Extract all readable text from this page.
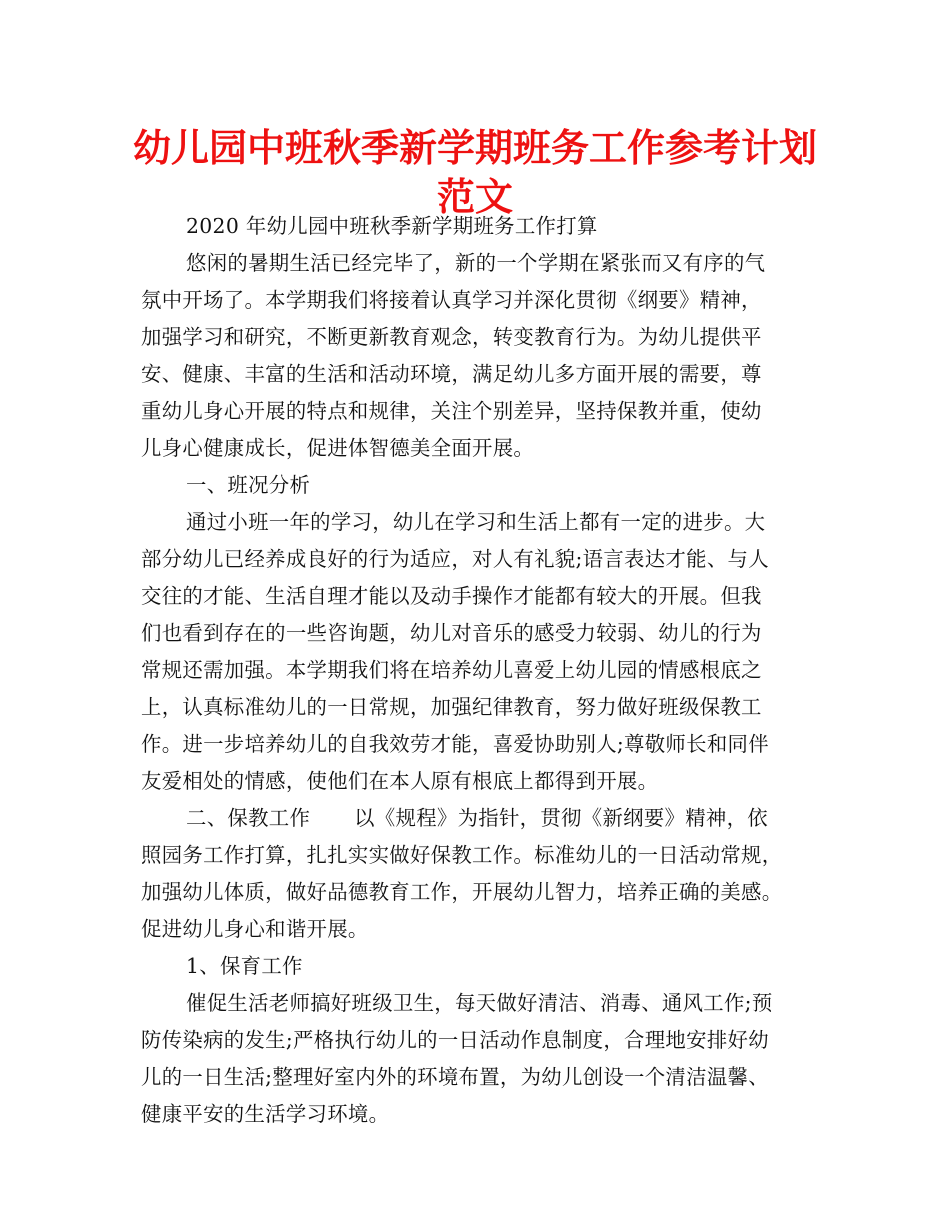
幼儿园中班秋季新学期班务工作参考计划
范文

2020 年幼儿园中班秋季新学期班务工作打算

悠闲的暑期生活已经完毕了，新的一个学期在紧张而又有序的气

氛中开场了。本学期我们将接着认真学习并深化贯彻《纲要》精神，

加强学习和研究，不断更新教育观念，转变教育行为。为幼儿提供平

安、健康、丰富的生活和活动环境，满足幼儿多方面开展的需要，尊

重幼儿身心开展的特点和规律，关注个别差异，坚持保教并重，使幼

儿身心健康成长，促进体智德美全面开展。

一、班况分析

通过小班一年的学习，幼儿在学习和生活上都有一定的进步。大

部分幼儿已经养成良好的行为适应，对人有礼貌;语言表达才能、与人

交往的才能、生活自理才能以及动手操作才能都有较大的开展。但我

们也看到存在的一些咨询题，幼儿对音乐的感受力较弱、幼儿的行为

常规还需加强。本学期我们将在培养幼儿喜爱上幼儿园的情感根底之

上，认真标准幼儿的一日常规，加强纪律教育，努力做好班级保教工

作。进一步培养幼儿的自我效劳才能，喜爱协助别人;尊敬师长和同伴

友爱相处的情感，使他们在本人原有根底上都得到开展。

二、保教工作 以《规程》为指针，贯彻《新纲要》精神，依

照园务工作打算，扎扎实实做好保教工作。标准幼儿的一日活动常规，

加强幼儿体质，做好品德教育工作，开展幼儿智力，培养正确的美感。

促进幼儿身心和谐开展。

1、保育工作

催促生活老师搞好班级卫生，每天做好清洁、消毒、通风工作;预

防传染病的发生;严格执行幼儿的一日活动作息制度，合理地安排好幼

儿的一日生活;整理好室内外的环境布置，为幼儿创设一个清洁温馨、

健康平安的生活学习环境。
